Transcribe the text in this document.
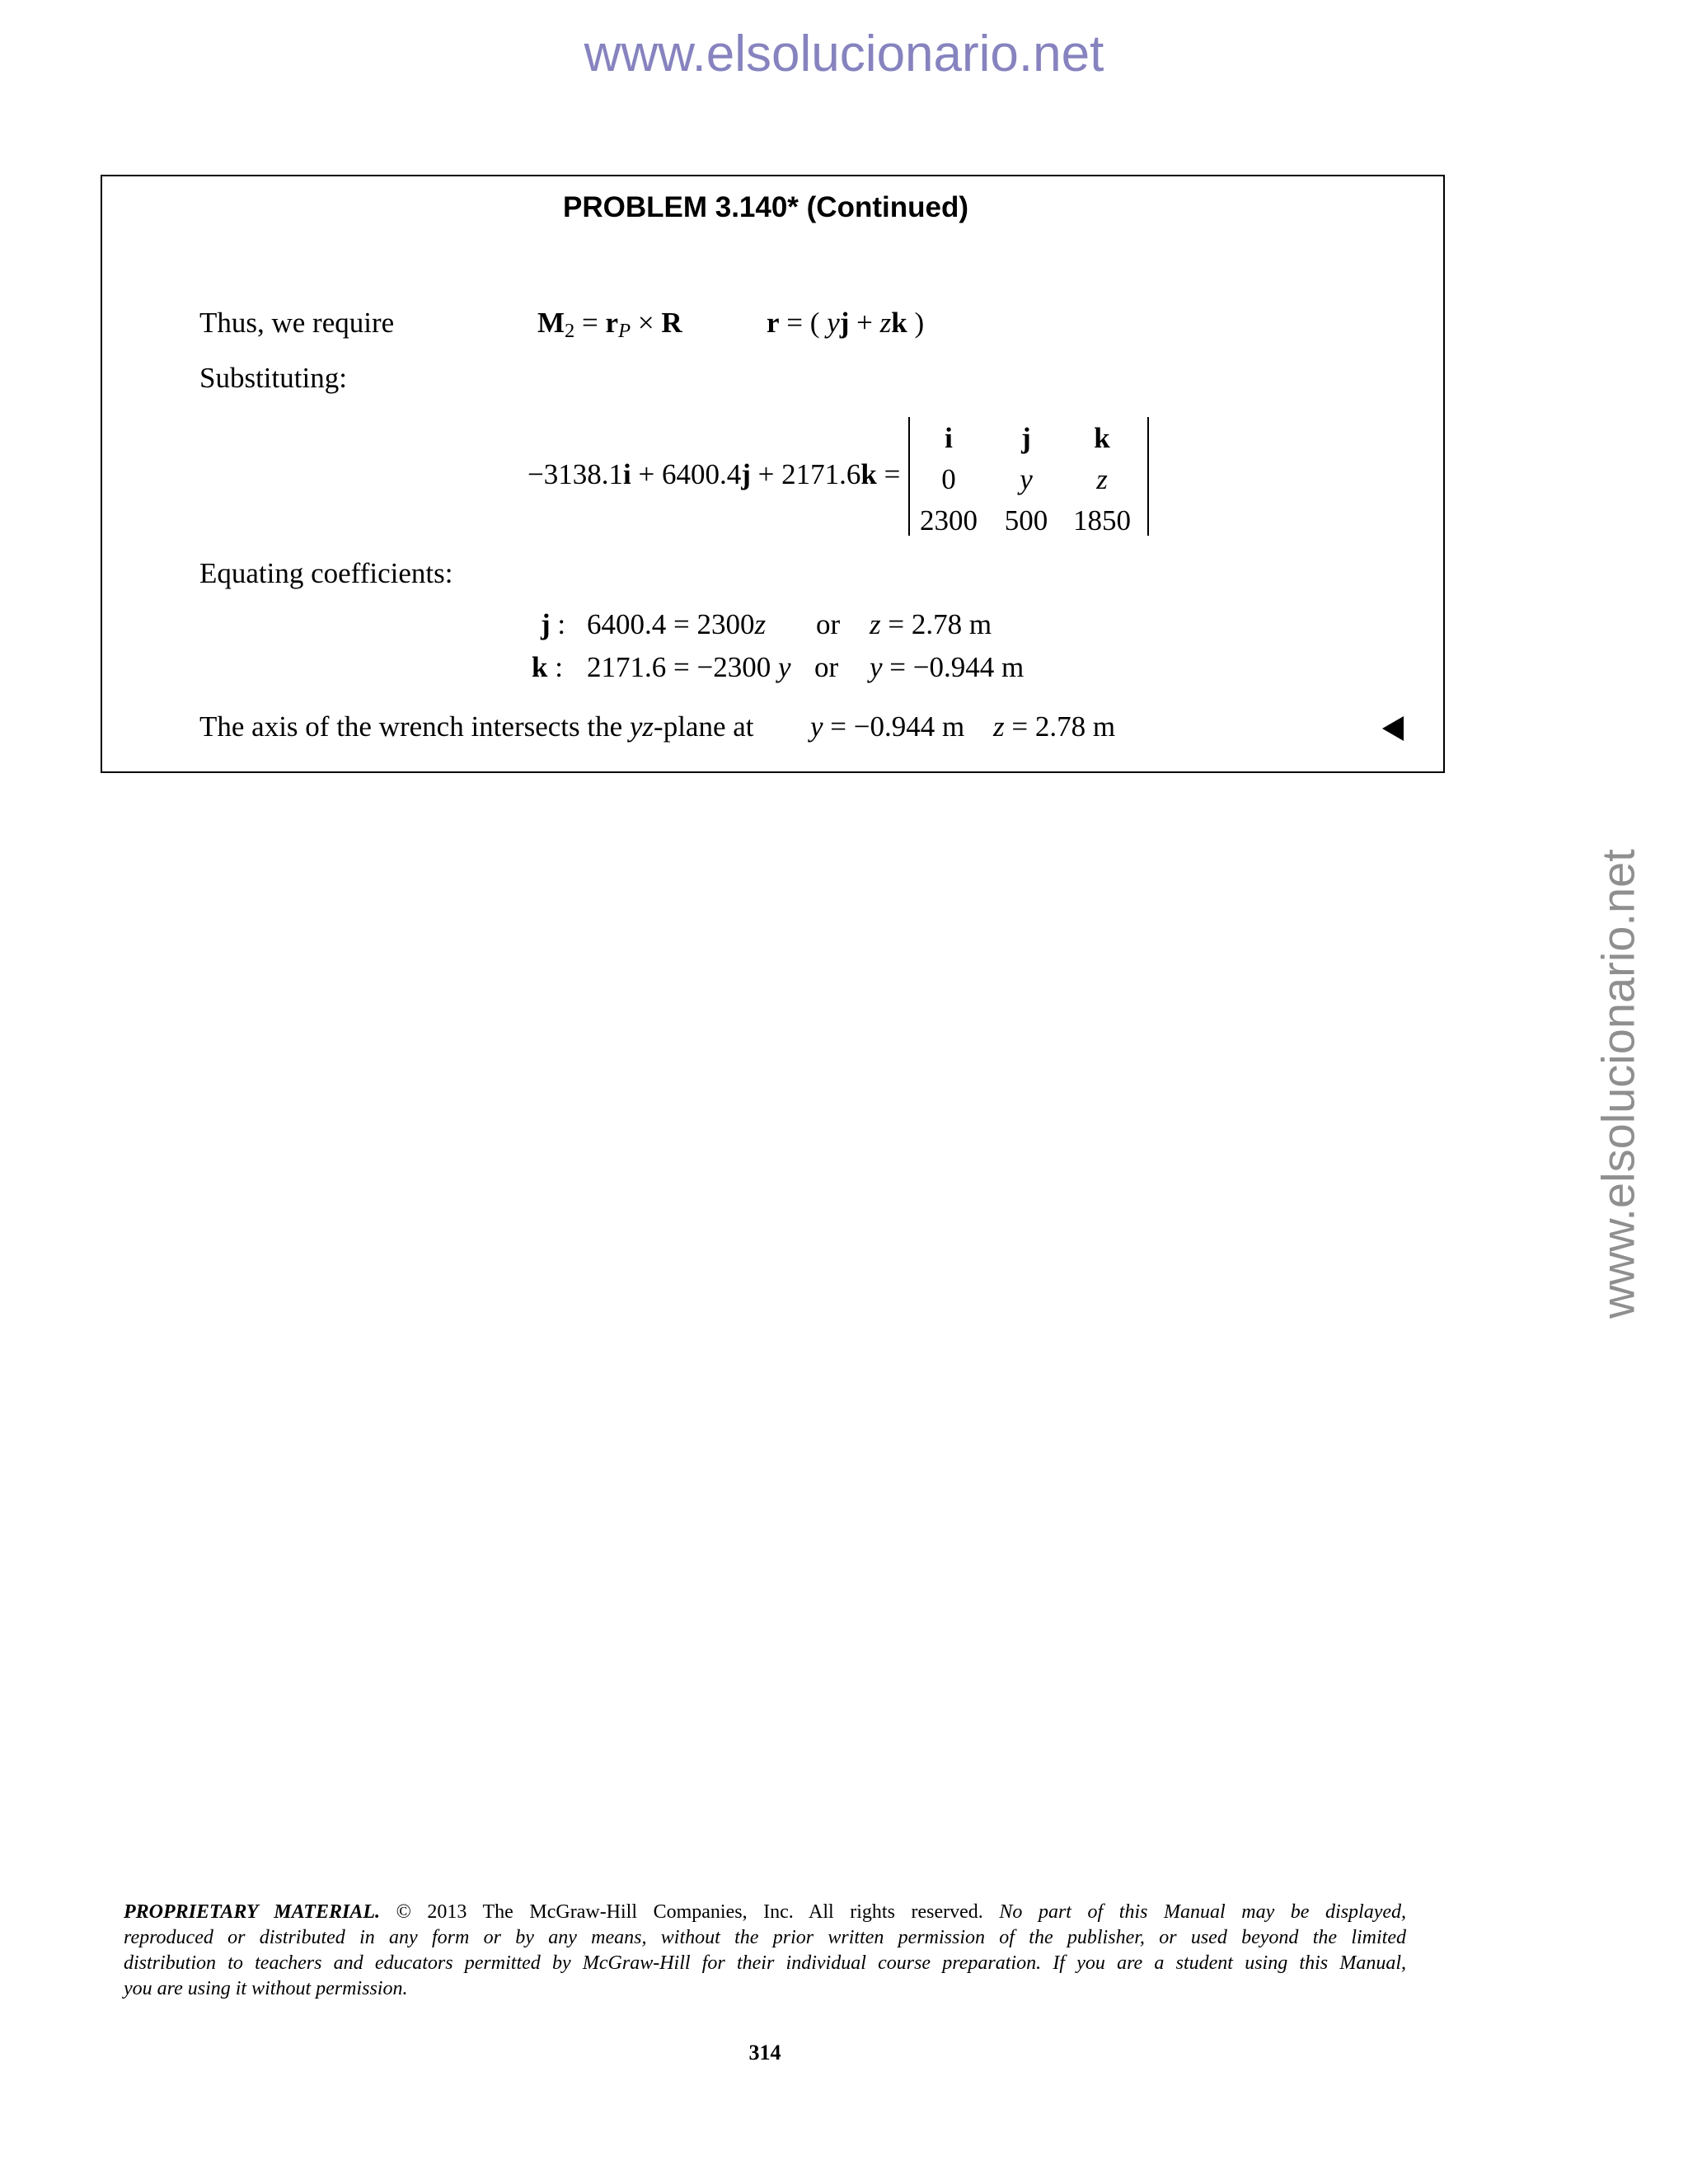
www.elsolucionario.net
www.elsolucionario.net
PROBLEM 3.140* (Continued)
Thus, we require	$M_2 = r_P \times R$	r = ( yj + zk )
Substituting:
−3138.1i + 6400.4j + 2171.6k =
i	j	k
0	y	z
2300 500 1850
Equating coefficients:
j : 6400.4 = 2300z or z = 2.78 m
k : 2171.6 = −2300 y or y = −0.944 m
The axis of the wrench intersects the yz-plane at y = −0.944 m z = 2.78 m
PROPRIETARY MATERIAL. © 2013 The McGraw-Hill Companies, Inc. All rights reserved. No part of this Manual may be displayed,
reproduced or distributed in any form or by any means, without the prior written permission of the publisher, or used beyond the limited
distribution to teachers and educators permitted by McGraw-Hill for their individual course preparation. If you are a student using this Manual,
you are using it without permission.
314
